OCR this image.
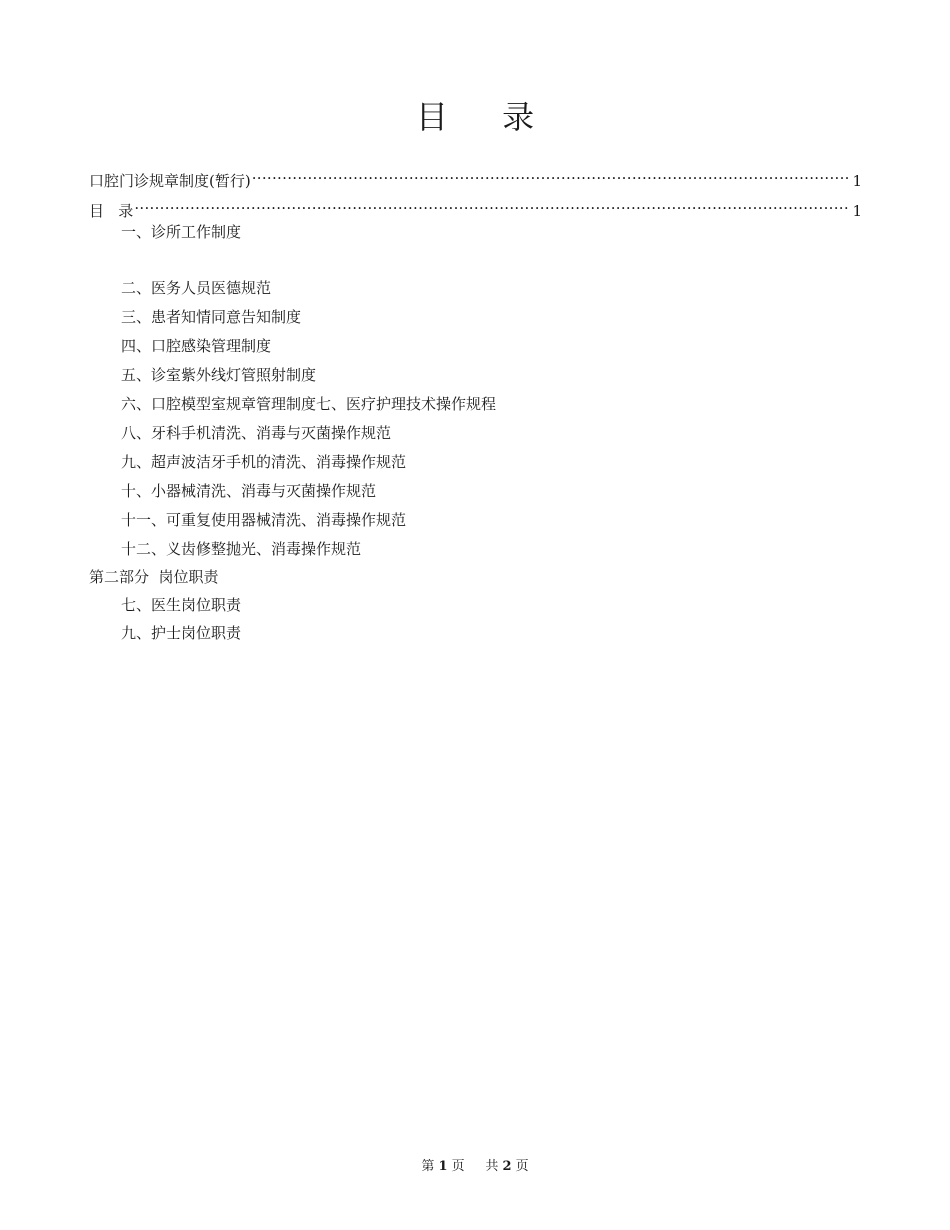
目 录
口腔门诊规章制度(暂行) .....	1
目   录 .....	1
一、诊所工作制度
二、医务人员医德规范
三、患者知情同意告知制度
四、口腔感染管理制度
五、诊室紫外线灯管照射制度
六、口腔模型室规章管理制度七、医疗护理技术操作规程
八、牙科手机清洗、消毒与灭菌操作规范
九、超声波洁牙手机的清洗、消毒操作规范
十、小器械清洗、消毒与灭菌操作规范
十一、可重复使用器械清洗、消毒操作规范
十二、义齿修整抛光、消毒操作规范
第二部分  岗位职责
七、医生岗位职责
九、护士岗位职责
第 1 页     共 2 页
